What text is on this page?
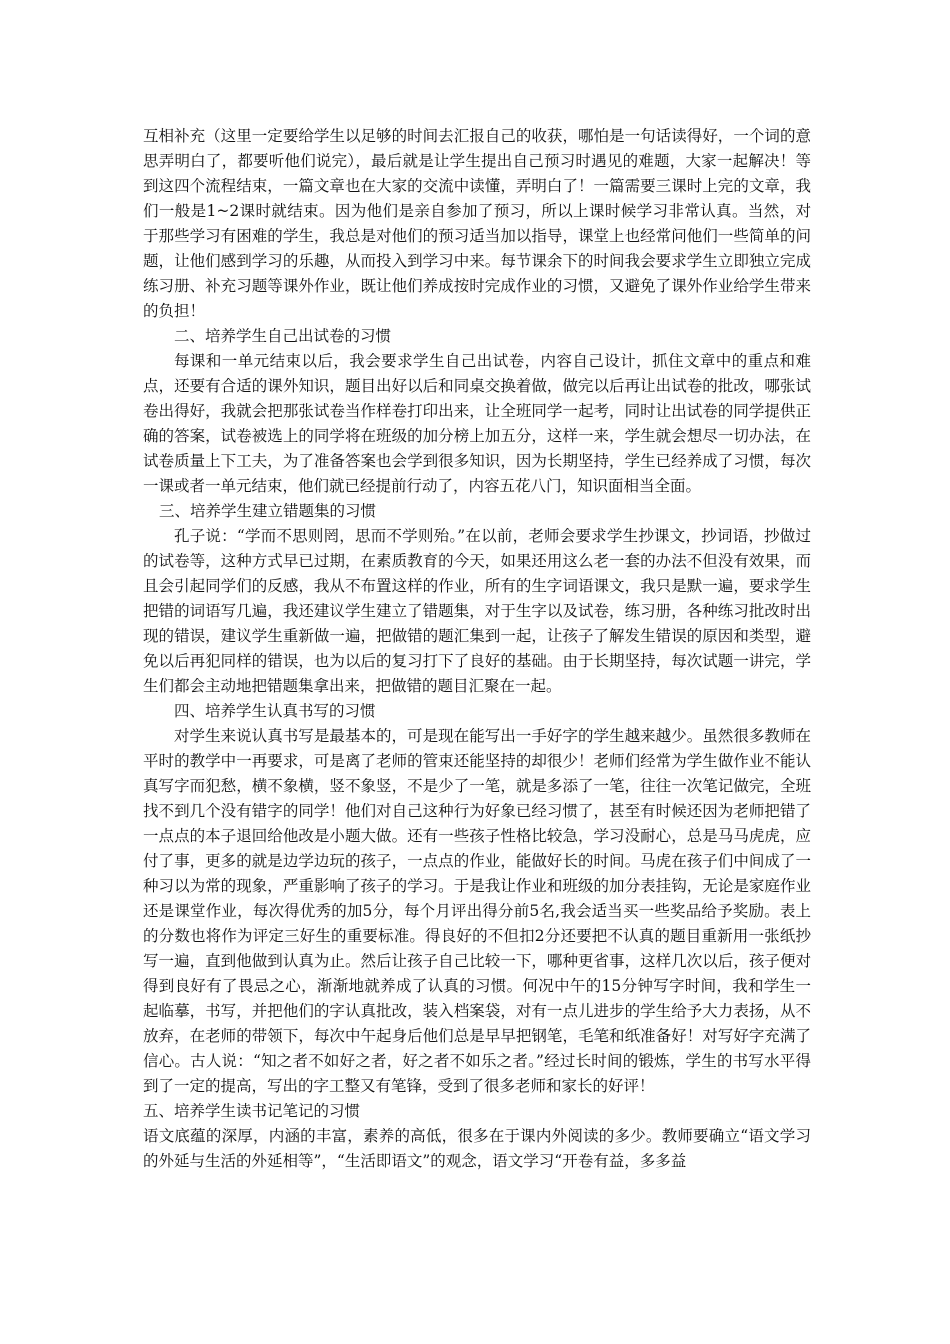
互相补充（这里一定要给学生以足够的时间去汇报自己的收获，哪怕是一句话读得好，一个词的意思弄明白了，都要听他们说完），最后就是让学生提出自己预习时遇见的难题，大家一起解决！等到这四个流程结束，一篇文章也在大家的交流中读懂，弄明白了！一篇需要三课时上完的文章，我们一般是1~2课时就结束。因为他们是亲自参加了预习，所以上课时候学习非常认真。当然，对于那些学习有困难的学生，我总是对他们的预习适当加以指导，课堂上也经常问他们一些简单的问题，让他们感到学习的乐趣，从而投入到学习中来。每节课余下的时间我会要求学生立即独立完成练习册、补充习题等课外作业，既让他们养成按时完成作业的习惯，又避免了课外作业给学生带来的负担！

二、培养学生自己出试卷的习惯

每课和一单元结束以后，我会要求学生自己出试卷，内容自己设计，抓住文章中的重点和难点，还要有合适的课外知识，题目出好以后和同桌交换着做，做完以后再让出试卷的批改，哪张试卷出得好，我就会把那张试卷当作样卷打印出来，让全班同学一起考，同时让出试卷的同学提供正确的答案，试卷被选上的同学将在班级的加分榜上加五分，这样一来，学生就会想尽一切办法，在试卷质量上下工夫，为了准备答案也会学到很多知识，因为长期坚持，学生已经养成了习惯，每次一课或者一单元结束，他们就已经提前行动了，内容五花八门，知识面相当全面。

三、培养学生建立错题集的习惯

孔子说：“学而不思则罔，思而不学则殆。”在以前，老师会要求学生抄课文，抄词语，抄做过的试卷等，这种方式早已过期，在素质教育的今天，如果还用这么老一套的办法不但没有效果，而且会引起同学们的反感，我从不布置这样的作业，所有的生字词语课文，我只是默一遍，要求学生把错的词语写几遍，我还建议学生建立了错题集，对于生字以及试卷，练习册，各种练习批改时出现的错误，建议学生重新做一遍，把做错的题汇集到一起，让孩子了解发生错误的原因和类型，避免以后再犯同样的错误，也为以后的复习打下了良好的基础。由于长期坚持，每次试题一讲完，学生们都会主动地把错题集拿出来，把做错的题目汇聚在一起。

四、培养学生认真书写的习惯

对学生来说认真书写是最基本的，可是现在能写出一手好字的学生越来越少。虽然很多教师在平时的教学中一再要求，可是离了老师的管束还能坚持的却很少！老师们经常为学生做作业不能认真写字而犯愁，横不象横，竖不象竖，不是少了一笔，就是多添了一笔，往往一次笔记做完，全班找不到几个没有错字的同学！他们对自己这种行为好象已经习惯了，甚至有时候还因为老师把错了一点点的本子退回给他改是小题大做。还有一些孩子性格比较急，学习没耐心，总是马马虎虎，应付了事，更多的就是边学边玩的孩子，一点点的作业，能做好长的时间。马虎在孩子们中间成了一种习以为常的现象，严重影响了孩子的学习。于是我让作业和班级的加分表挂钩，无论是家庭作业还是课堂作业，每次得优秀的加5分，每个月评出得分前5名,我会适当买一些奖品给予奖励。表上的分数也将作为评定三好生的重要标准。得良好的不但扣2分还要把不认真的题目重新用一张纸抄写一遍，直到他做到认真为止。然后让孩子自己比较一下，哪种更省事，这样几次以后，孩子便对得到良好有了畏忌之心，渐渐地就养成了认真的习惯。何况中午的15分钟写字时间，我和学生一起临摹，书写，并把他们的字认真批改，装入档案袋，对有一点儿进步的学生给予大力表扬，从不放弃，在老师的带领下，每次中午起身后他们总是早早把钢笔，毛笔和纸准备好！对写好字充满了信心。古人说：“知之者不如好之者，好之者不如乐之者。”经过长时间的锻炼，学生的书写水平得到了一定的提高，写出的字工整又有笔锋，受到了很多老师和家长的好评！

五、培养学生读书记笔记的习惯

语文底蕴的深厚，内涵的丰富，素养的高低，很多在于课内外阅读的多少。教师要确立“语文学习的外延与生活的外延相等”，“生活即语文”的观念，语文学习“开卷有益，多多益
